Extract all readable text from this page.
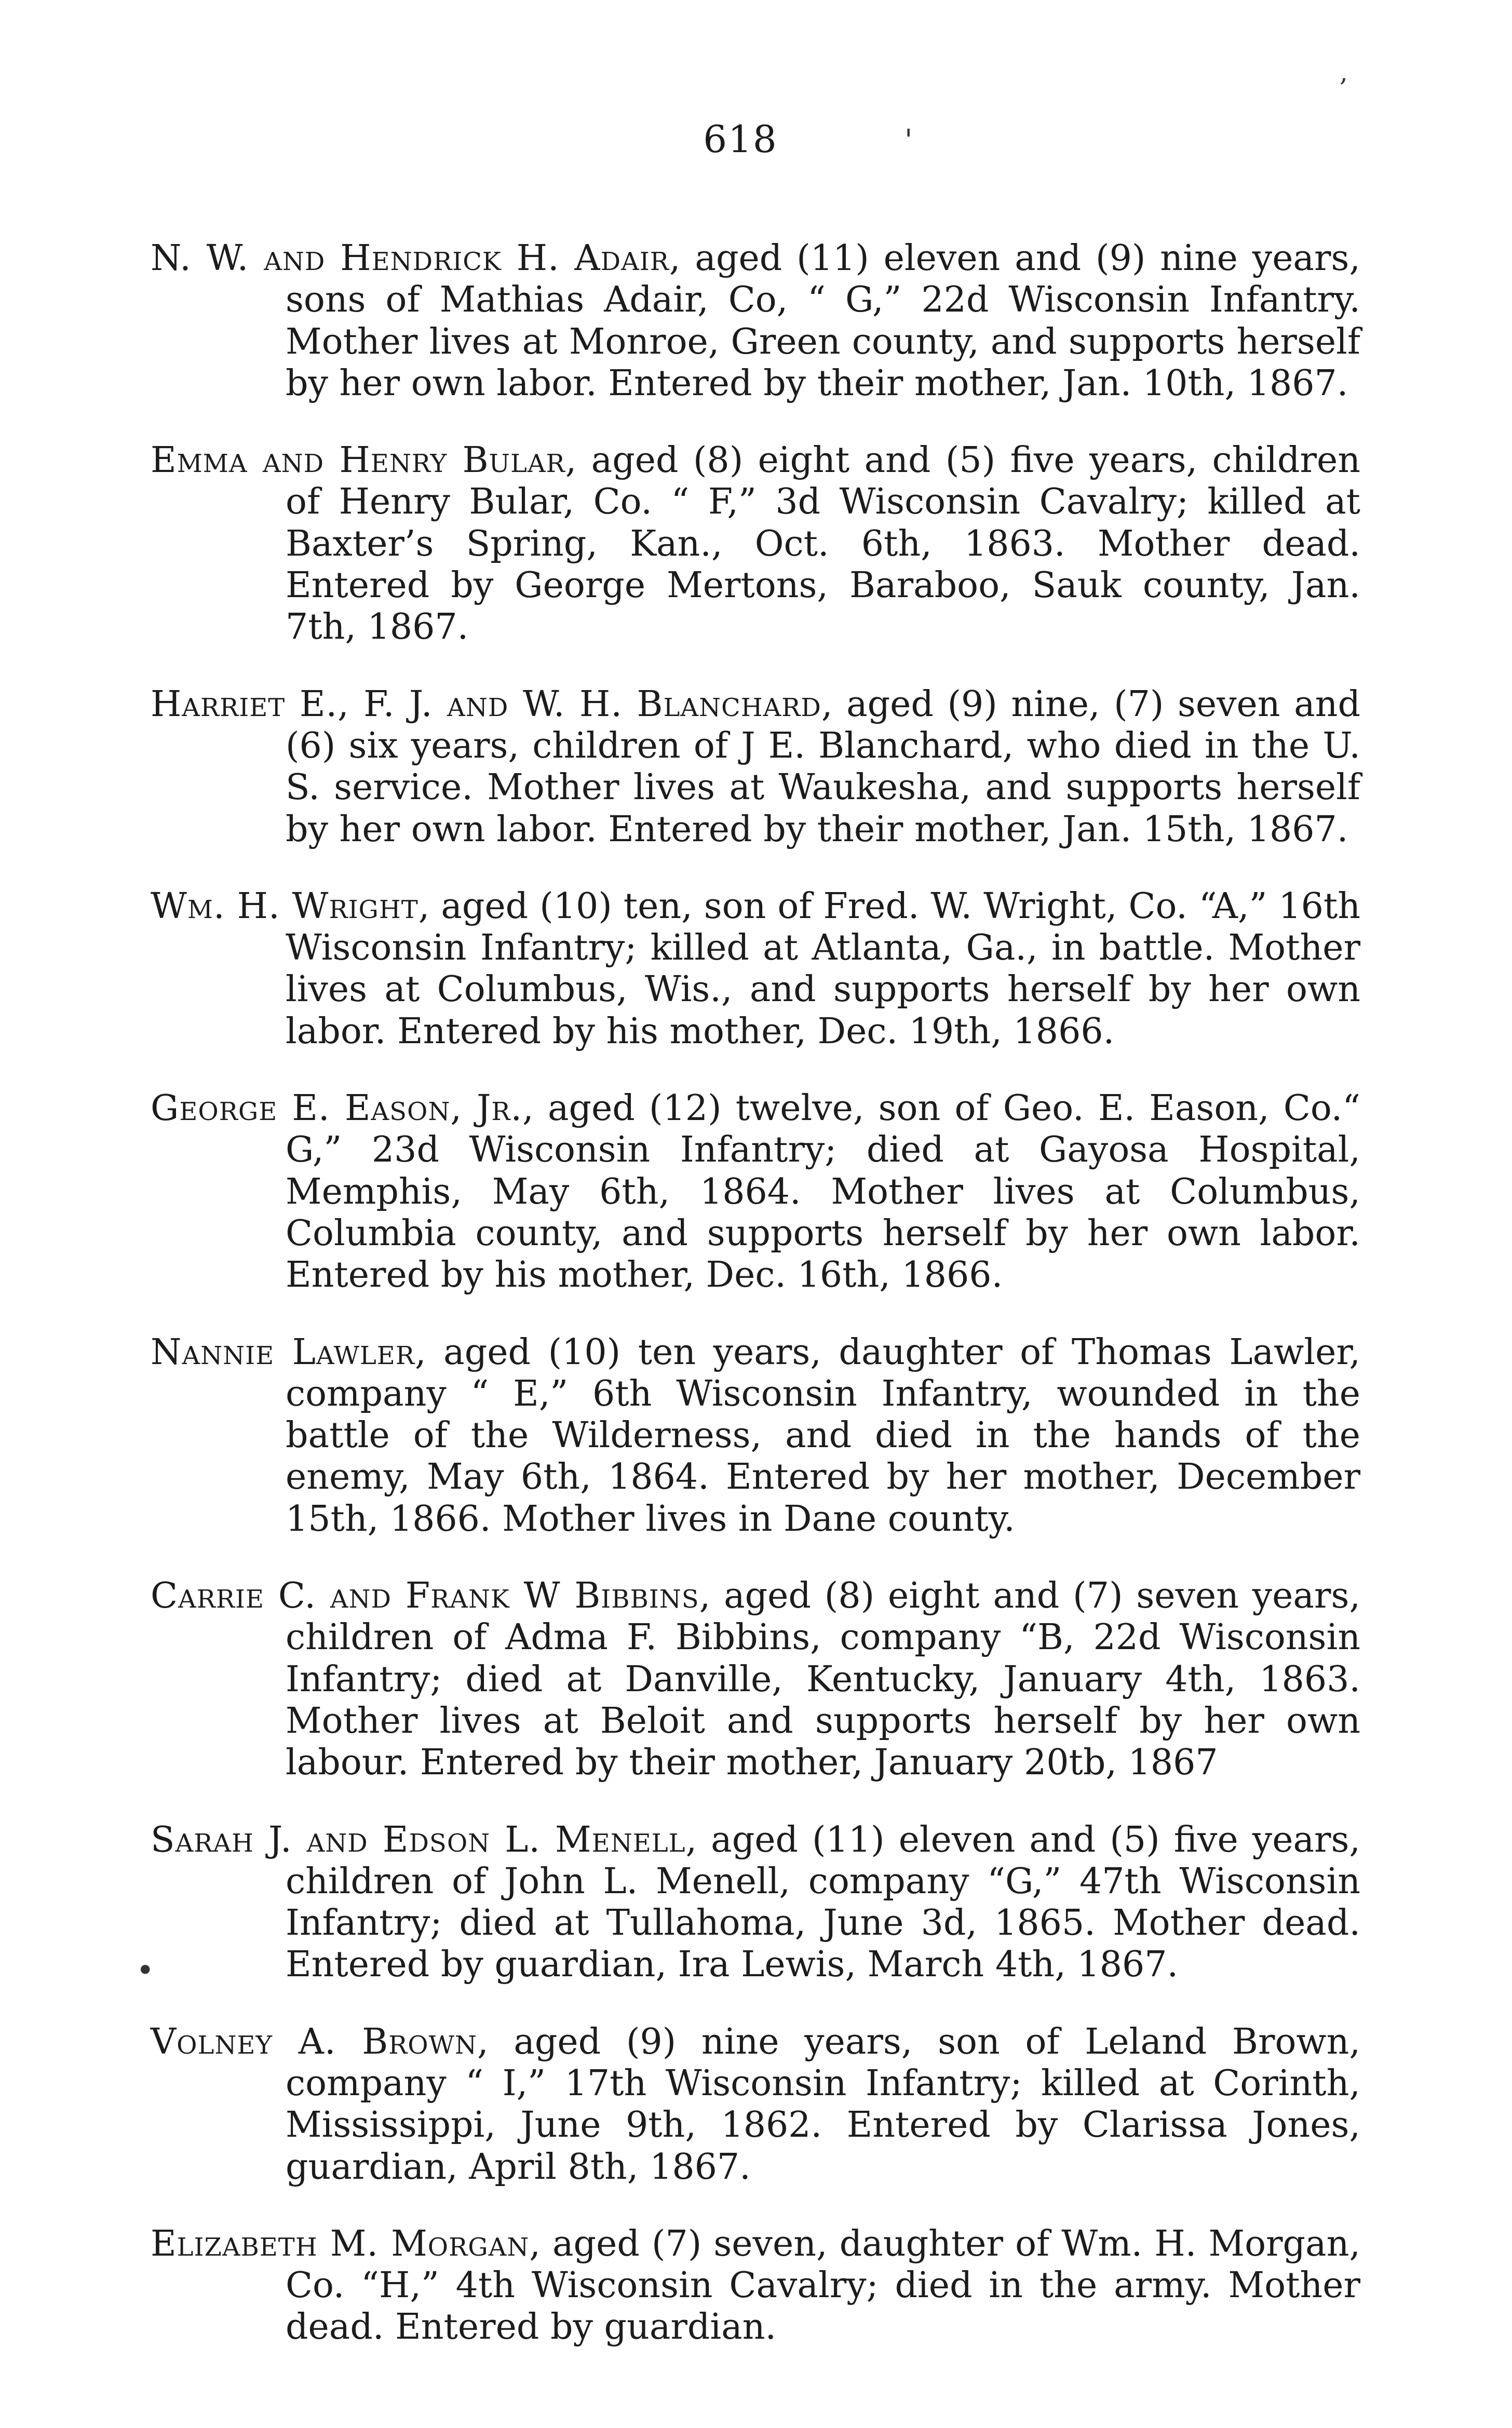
,
618	'
•

N. W. and Hendrick H. Adair, aged (11) eleven and (9) nine years, sons of Mathias Adair, Co, “ G,” 22d Wisconsin Infantry. Mother lives at Monroe, Green county, and supports herself by her own labor. Entered by their mother, Jan. 10th, 1867.

Emma and Henry Bular, aged (8) eight and (5) five years, children of Henry Bular, Co. “ F,” 3d Wisconsin Cavalry; killed at Baxter’s Spring, Kan., Oct. 6th, 1863. Mother dead. Entered by George Mertons, Baraboo, Sauk county, Jan. 7th, 1867.

Harriet E., F. J. and W. H. Blanchard, aged (9) nine, (7) seven and (6) six years, children of J E. Blanchard, who died in the U. S. service. Mother lives at Waukesha, and supports herself by her own labor. Entered by their mother, Jan. 15th, 1867.

Wm. H. Wright, aged (10) ten, son of Fred. W. Wright, Co. “A,” 16th Wisconsin Infantry; killed at Atlanta, Ga., in battle. Mother lives at Columbus, Wis., and supports herself by her own labor. Entered by his mother, Dec. 19th, 1866.

George E. Eason, Jr., aged (12) twelve, son of Geo. E. Eason, Co.“ G,” 23d Wisconsin Infantry; died at Gayosa Hospital, Memphis, May 6th, 1864. Mother lives at Columbus, Columbia county, and supports herself by her own labor. Entered by his mother, Dec. 16th, 1866.

Nannie Lawler, aged (10) ten years, daughter of Thomas Lawler, company “ E,” 6th Wisconsin Infantry, wounded in the battle of the Wilderness, and died in the hands of the enemy, May 6th, 1864. Entered by her mother, December 15th, 1866. Mother lives in Dane county.

Carrie C. and Frank W Bibbins, aged (8) eight and (7) seven years, children of Adma F. Bibbins, company “B, 22d Wisconsin Infantry; died at Danville, Kentucky, January 4th, 1863. Mother lives at Beloit and supports herself by her own labour. Entered by their mother, January 20tb, 1867

Sarah J. and Edson L. Menell, aged (11) eleven and (5) five years, children of John L. Menell, company “G,” 47th Wisconsin Infantry; died at Tullahoma, June 3d, 1865. Mother dead. Entered by guardian, Ira Lewis, March 4th, 1867.

Volney A. Brown, aged (9) nine years, son of Leland Brown, company “ I,” 17th Wisconsin Infantry; killed at Corinth, Mississippi, June 9th, 1862. Entered by Clarissa Jones, guardian, April 8th, 1867.

Elizabeth M. Morgan, aged (7) seven, daughter of Wm. H. Morgan, Co. “H,” 4th Wisconsin Cavalry; died in the army. Mother dead. Entered by guardian.
